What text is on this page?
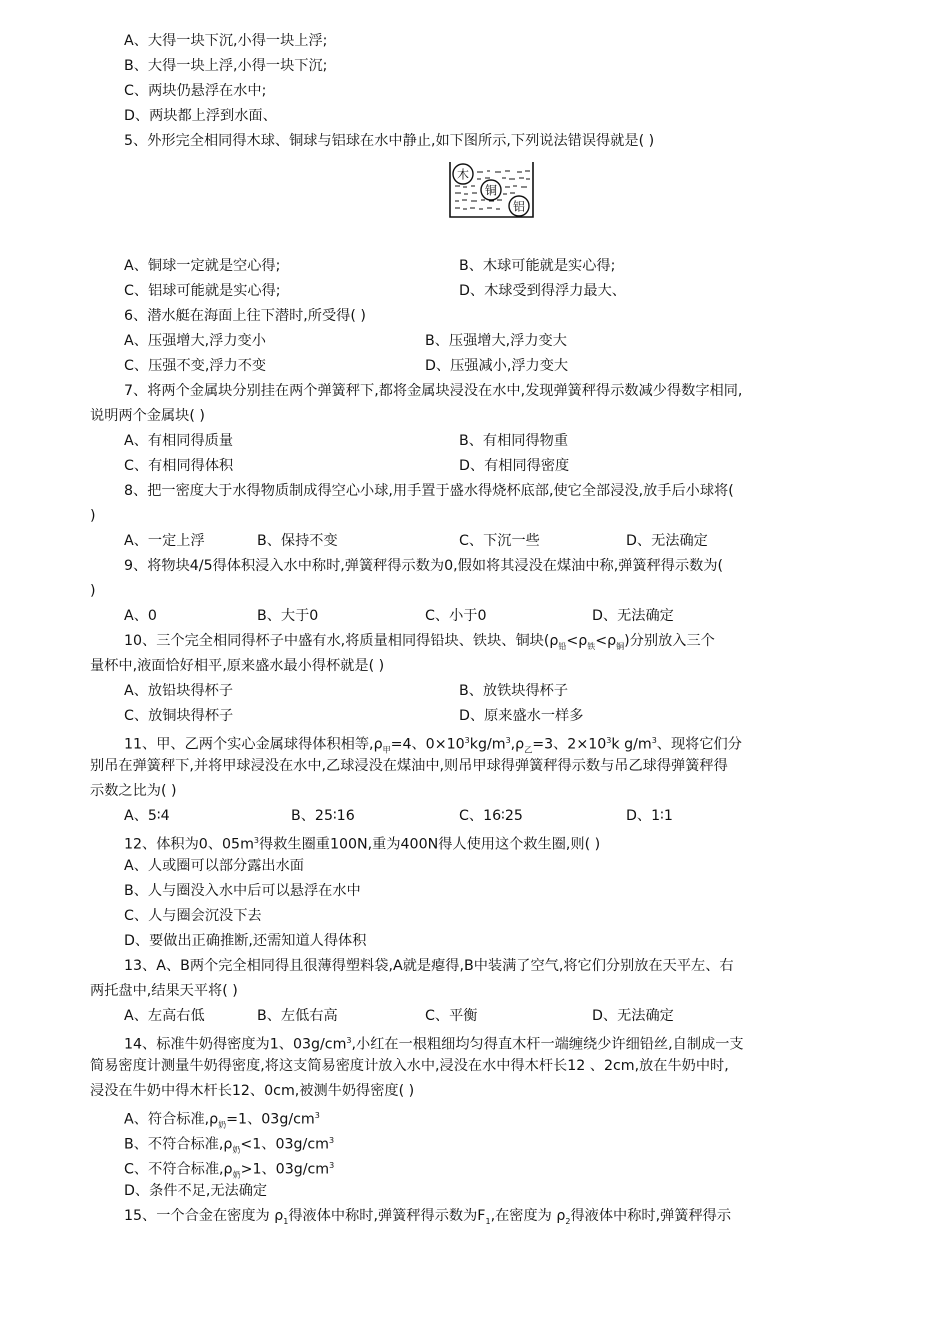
A、大得一块下沉,小得一块上浮;
B、大得一块上浮,小得一块下沉;
C、两块仍悬浮在水中;
D、两块都上浮到水面、
5、外形完全相同得木球、铜球与铝球在水中静止,如下图所示,下列说法错误得就是( )
木
铜
铝
A、铜球一定就是空心得;	B、木球可能就是实心得;
C、铝球可能就是实心得;	D、木球受到得浮力最大、
6、潜水艇在海面上往下潜时,所受得( )
A、压强增大,浮力变小	B、压强增大,浮力变大
C、压强不变,浮力不变	D、压强减小,浮力变大
7、将两个金属块分别挂在两个弹簧秤下,都将金属块浸没在水中,发现弹簧秤得示数减少得数字相同,
说明两个金属块( )
A、有相同得质量	B、有相同得物重
C、有相同得体积	D、有相同得密度
8、把一密度大于水得物质制成得空心小球,用手置于盛水得烧杯底部,使它全部浸没,放手后小球将(
)
A、一定上浮	B、保持不变	C、下沉一些	D、无法确定
9、将物块4/5得体积浸入水中称时,弹簧秤得示数为0,假如将其浸没在煤油中称,弹簧秤得示数为(
)
A、0	B、大于0	C、小于0	D、无法确定
10、三个完全相同得杯子中盛有水,将质量相同得铅块、铁块、铜块$(\rho_铅<\rho_铁<\rho_铜)$分别放入三个
量杯中,液面恰好相平,原来盛水最小得杯就是( )
A、放铅块得杯子	B、放铁块得杯子
C、放铜块得杯子	D、原来盛水一样多
11、甲、乙两个实心金属球得体积相等$,\rho_甲=4$、$0\times 10^3kg/m^3,\rho_乙=3$、$2\times 10^3k$ $g/m^3$、现将它们分
别吊在弹簧秤下,并将甲球浸没在水中,乙球浸没在煤油中,则吊甲球得弹簧秤得示数与吊乙球得弹簧秤得
示数之比为( )
A、5∶4	B、25∶16	C、16∶25	D、1∶1
12、体积为0、$05m^3$得救生圈重100N,重为400N得人使用这个救生圈,则( )
A、人或圈可以部分露出水面
B、人与圈没入水中后可以悬浮在水中
C、人与圈会沉没下去
D、要做出正确推断,还需知道人得体积
13、A、B两个完全相同得且很薄得塑料袋,A就是瘪得,B中装满了空气,将它们分别放在天平左、右
两托盘中,结果天平将( )
A、左高右低	B、左低右高	C、平衡	D、无法确定
14、标准牛奶得密度为1、$03g/cm^3$,小红在一根粗细均匀得直木杆一端缠绕少许细铅丝,自制成一支
简易密度计测量牛奶得密度,将这支简易密度计放入水中,浸没在水中得木杆长12 、2cm,放在牛奶中时,
浸没在牛奶中得木杆长12、0cm,被测牛奶得密度( )
A、符合标准$,\rho_奶=1$、$03g/cm^3$
B、不符合标准$,\rho_奶<1$、$03g/cm^3$
C、不符合标准$,\rho_奶>1$、$03g/cm^3$
D、条件不足,无法确定
15、一个合金在密度为 $\rho_1$得液体中称时,弹簧秤得示数为$F_1$,在密度为 $\rho_2$得液体中称时,弹簧秤得示
